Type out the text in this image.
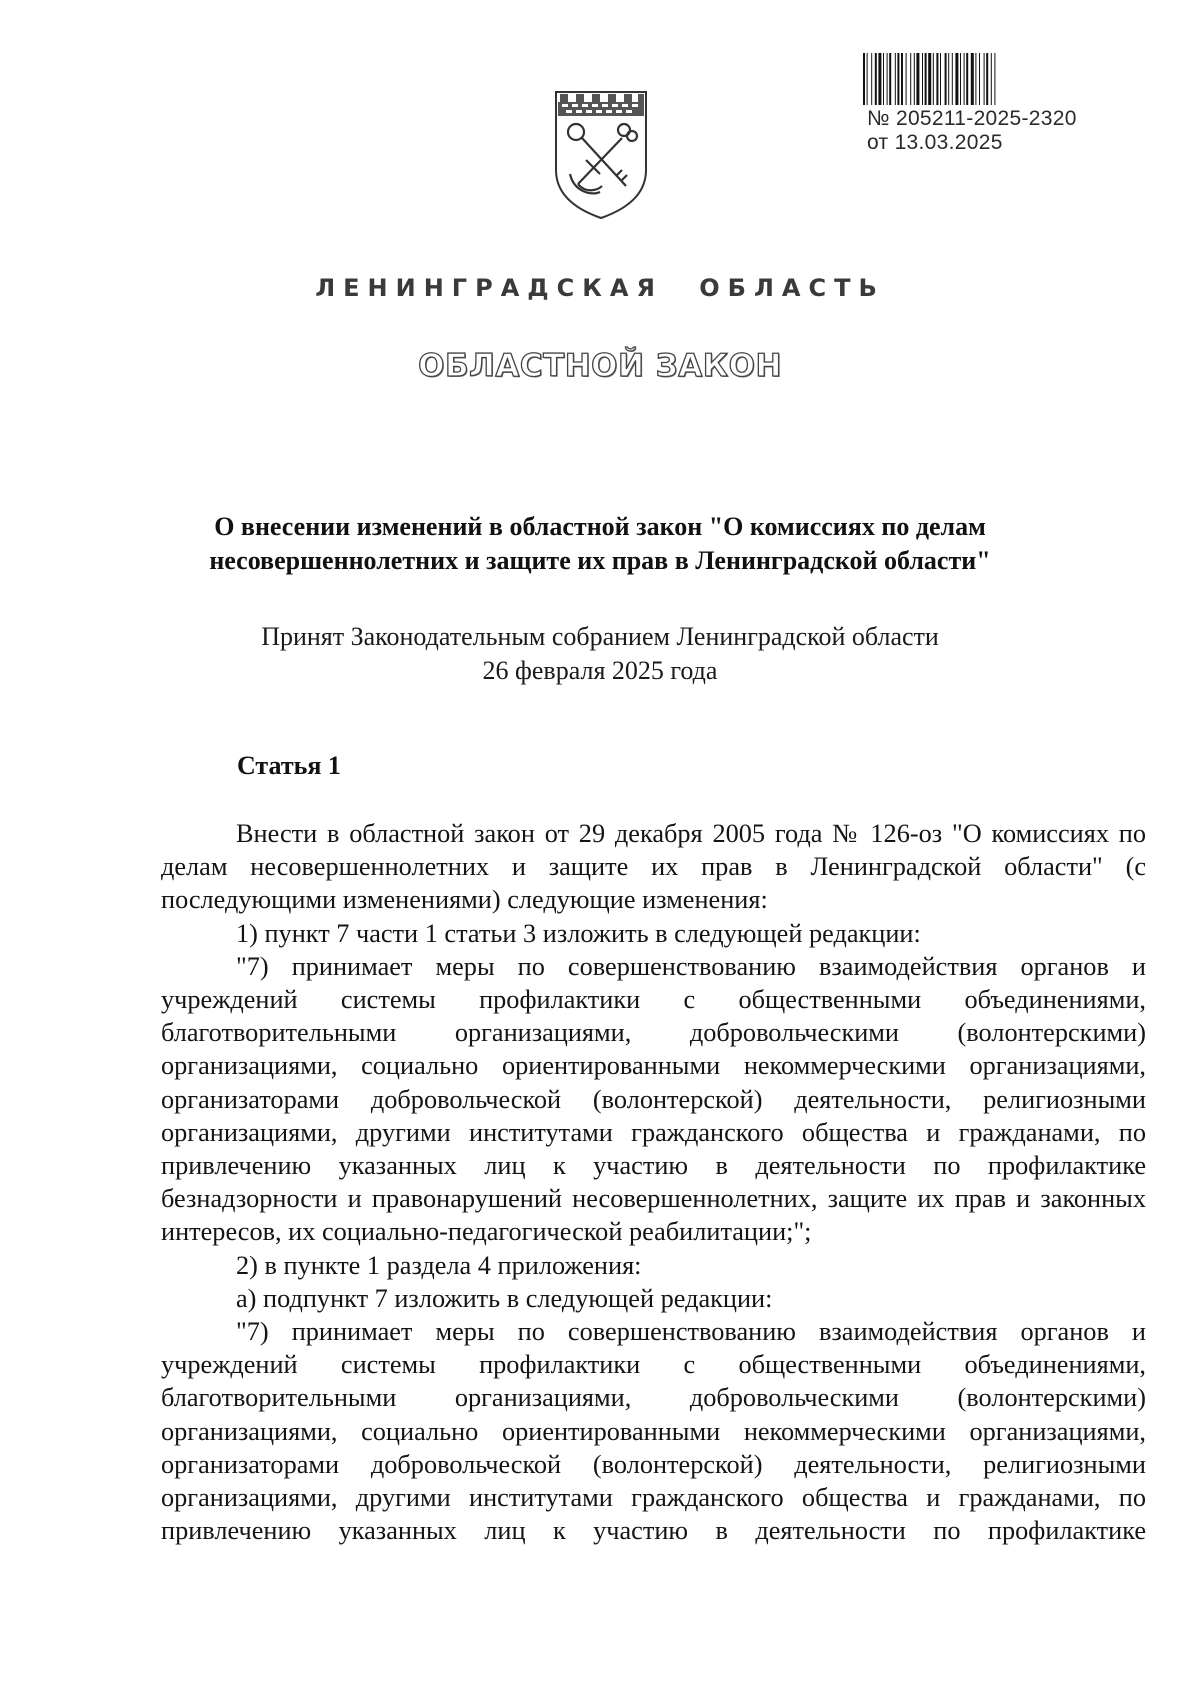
№ 205211-2025-2320
от 13.03.2025
ЛЕНИНГРАДСКАЯ ОБЛАСТЬ
ОБЛАСТНОЙ ЗАКОН
О внесении изменений в областной закон "О комиссиях по делам
несовершеннолетних и защите их прав в Ленинградской области"
Принят Законодательным собранием Ленинградской области
26 февраля 2025 года
Статья 1

Внести в областной закон от 29 декабря 2005 года № 126-оз "О комиссиях по делам несовершеннолетних и защите их прав в Ленинградской области" (с последующими изменениями) следующие изменения:

1) пункт 7 части 1 статьи 3 изложить в следующей редакции:

"7) принимает меры по совершенствованию взаимодействия органов и учреждений системы профилактики с общественными объединениями, благотворительными организациями, добровольческими (волонтерскими) организациями, социально ориентированными некоммерческими организациями, организаторами добровольческой (волонтерской) деятельности, религиозными организациями, другими институтами гражданского общества и гражданами, по привлечению указанных лиц к участию в деятельности по профилактике безнадзорности и правонарушений несовершеннолетних, защите их прав и законных интересов, их социально-педагогической реабилитации;";

2) в пункте 1 раздела 4 приложения:

а) подпункт 7 изложить в следующей редакции:

"7) принимает меры по совершенствованию взаимодействия органов и учреждений системы профилактики с общественными объединениями, благотворительными организациями, добровольческими (волонтерскими) организациями, социально ориентированными некоммерческими организациями, организаторами добровольческой (волонтерской) деятельности, религиозными организациями, другими институтами гражданского общества и гражданами, по привлечению указанных лиц к участию в деятельности по профилактике
